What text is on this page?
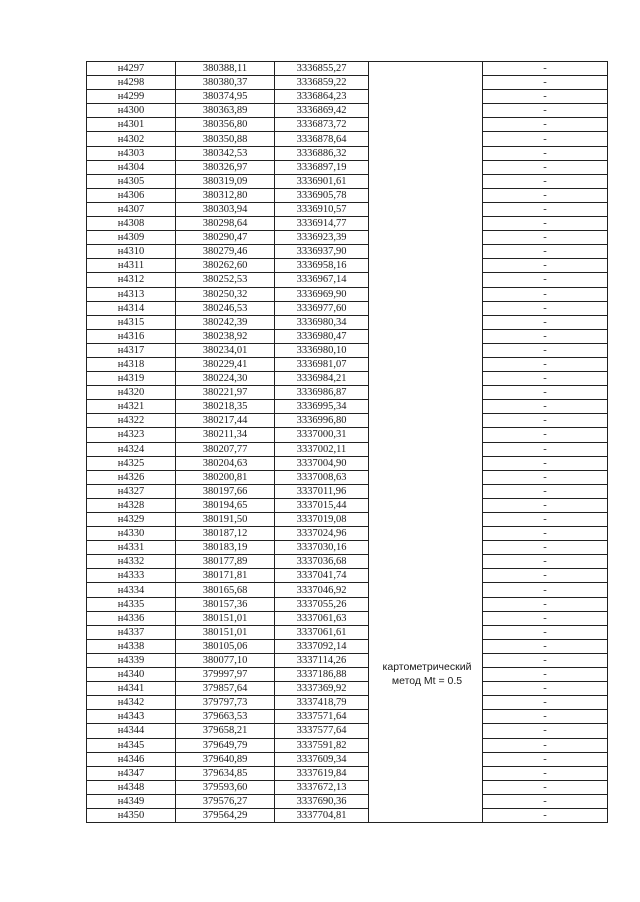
н4297	380388,11	3336855,27		-
н4298	380380,37	3336859,22		-
н4299	380374,95	3336864,23		-
н4300	380363,89	3336869,42		-
н4301	380356,80	3336873,72		-
н4302	380350,88	3336878,64		-
н4303	380342,53	3336886,32		-
н4304	380326,97	3336897,19		-
н4305	380319,09	3336901,61		-
н4306	380312,80	3336905,78		-
н4307	380303,94	3336910,57		-
н4308	380298,64	3336914,77		-
н4309	380290,47	3336923,39		-
н4310	380279,46	3336937,90		-
н4311	380262,60	3336958,16		-
н4312	380252,53	3336967,14		-
н4313	380250,32	3336969,90		-
н4314	380246,53	3336977,60		-
н4315	380242,39	3336980,34		-
н4316	380238,92	3336980,47		-
н4317	380234,01	3336980,10		-
н4318	380229,41	3336981,07		-
н4319	380224,30	3336984,21		-
н4320	380221,97	3336986,87		-
н4321	380218,35	3336995,34		-
н4322	380217,44	3336996,80		-
н4323	380211,34	3337000,31		-
н4324	380207,77	3337002,11		-
н4325	380204,63	3337004,90		-
н4326	380200,81	3337008,63		-
н4327	380197,66	3337011,96		-
н4328	380194,65	3337015,44		-
н4329	380191,50	3337019,08		-
н4330	380187,12	3337024,96		-
н4331	380183,19	3337030,16		-
н4332	380177,89	3337036,68		-
н4333	380171,81	3337041,74		-
н4334	380165,68	3337046,92		-
н4335	380157,36	3337055,26		-
н4336	380151,01	3337061,63		-
н4337	380151,01	3337061,61		-
н4338	380105,06	3337092,14		-
н4339	380077,10	3337114,26		-
н4340	379997,97	3337186,88		-
н4341	379857,64	3337369,92		-
н4342	379797,73	3337418,79		-
н4343	379663,53	3337571,64		-
н4344	379658,21	3337577,64		-
н4345	379649,79	3337591,82		-
н4346	379640,89	3337609,34		-
н4347	379634,85	3337619,84		-
н4348	379593,60	3337672,13		-
н4349	379576,27	3337690,36		-
н4350	379564,29	3337704,81		-
картометрический
метод Mt = 0.5
